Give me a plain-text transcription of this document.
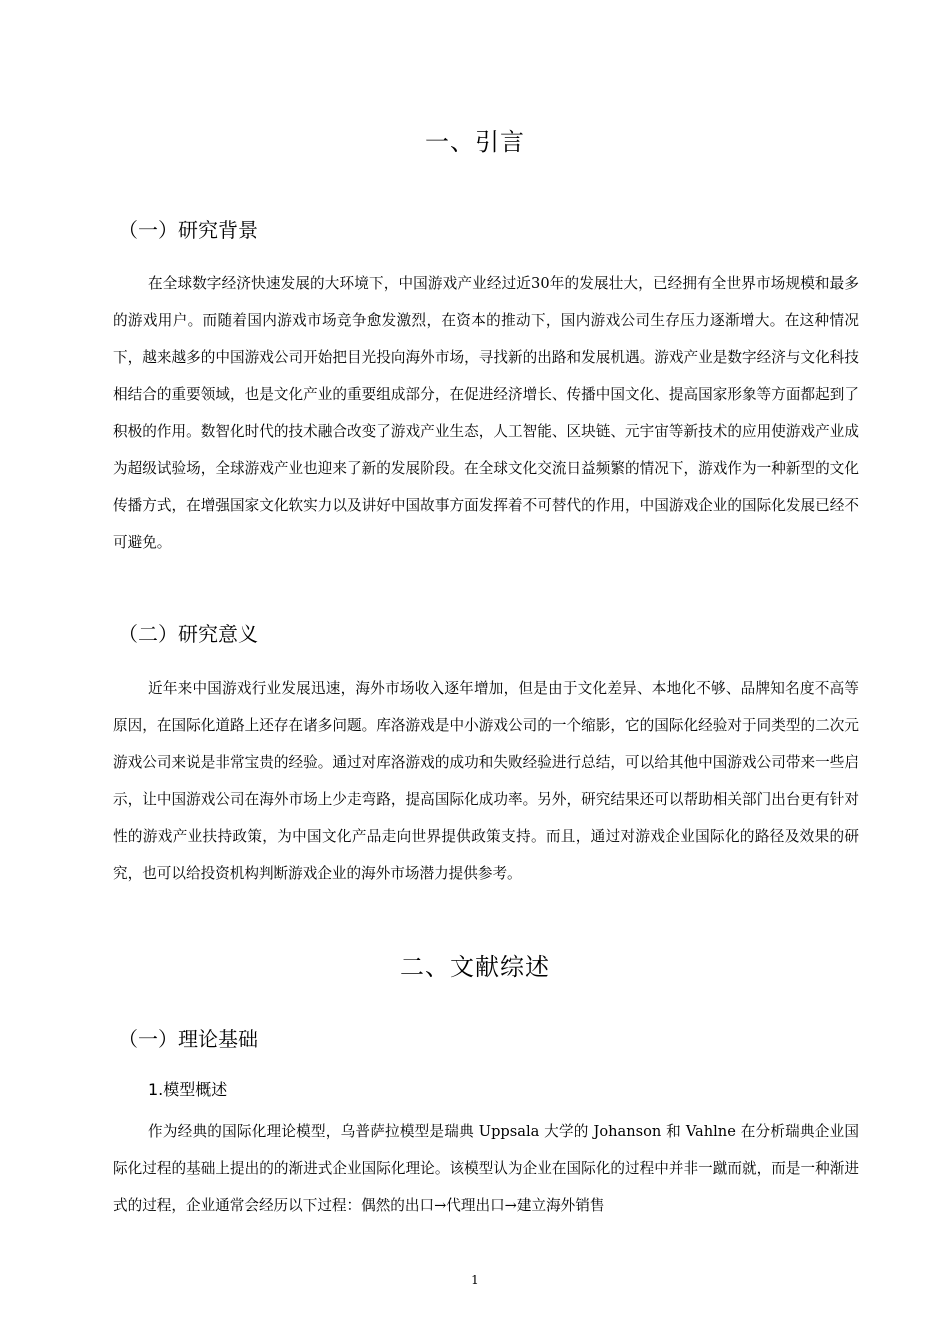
一、引言
（一）研究背景

在全球数字经济快速发展的大环境下，中国游戏产业经过近30年的发展壮大，已经拥有全世界市场规模和最多的游戏用户。而随着国内游戏市场竞争愈发激烈，在资本的推动下，国内游戏公司生存压力逐渐增大。在这种情况下，越来越多的中国游戏公司开始把目光投向海外市场，寻找新的出路和发展机遇。游戏产业是数字经济与文化科技相结合的重要领域，也是文化产业的重要组成部分，在促进经济增长、传播中国文化、提高国家形象等方面都起到了积极的作用。数智化时代的技术融合改变了游戏产业生态，人工智能、区块链、元宇宙等新技术的应用使游戏产业成为超级试验场，全球游戏产业也迎来了新的发展阶段。在全球文化交流日益频繁的情况下，游戏作为一种新型的文化传播方式，在增强国家文化软实力以及讲好中国故事方面发挥着不可替代的作用，中国游戏企业的国际化发展已经不可避免。

（二）研究意义

近年来中国游戏行业发展迅速，海外市场收入逐年增加，但是由于文化差异、本地化不够、品牌知名度不高等原因，在国际化道路上还存在诸多问题。库洛游戏是中小游戏公司的一个缩影，它的国际化经验对于同类型的二次元游戏公司来说是非常宝贵的经验。通过对库洛游戏的成功和失败经验进行总结，可以给其他中国游戏公司带来一些启示，让中国游戏公司在海外市场上少走弯路，提高国际化成功率。另外，研究结果还可以帮助相关部门出台更有针对性的游戏产业扶持政策，为中国文化产品走向世界提供政策支持。而且，通过对游戏企业国际化的路径及效果的研究，也可以给投资机构判断游戏企业的海外市场潜力提供参考。

二、文献综述
（一）理论基础
1.模型概述

作为经典的国际化理论模型，乌普萨拉模型是瑞典 Uppsala 大学的 Johanson 和 Vahlne 在分析瑞典企业国际化过程的基础上提出的的渐进式企业国际化理论。该模型认为企业在国际化的过程中并非一蹴而就，而是一种渐进式的过程，企业通常会经历以下过程：偶然的出口→代理出口→建立海外销售

1
